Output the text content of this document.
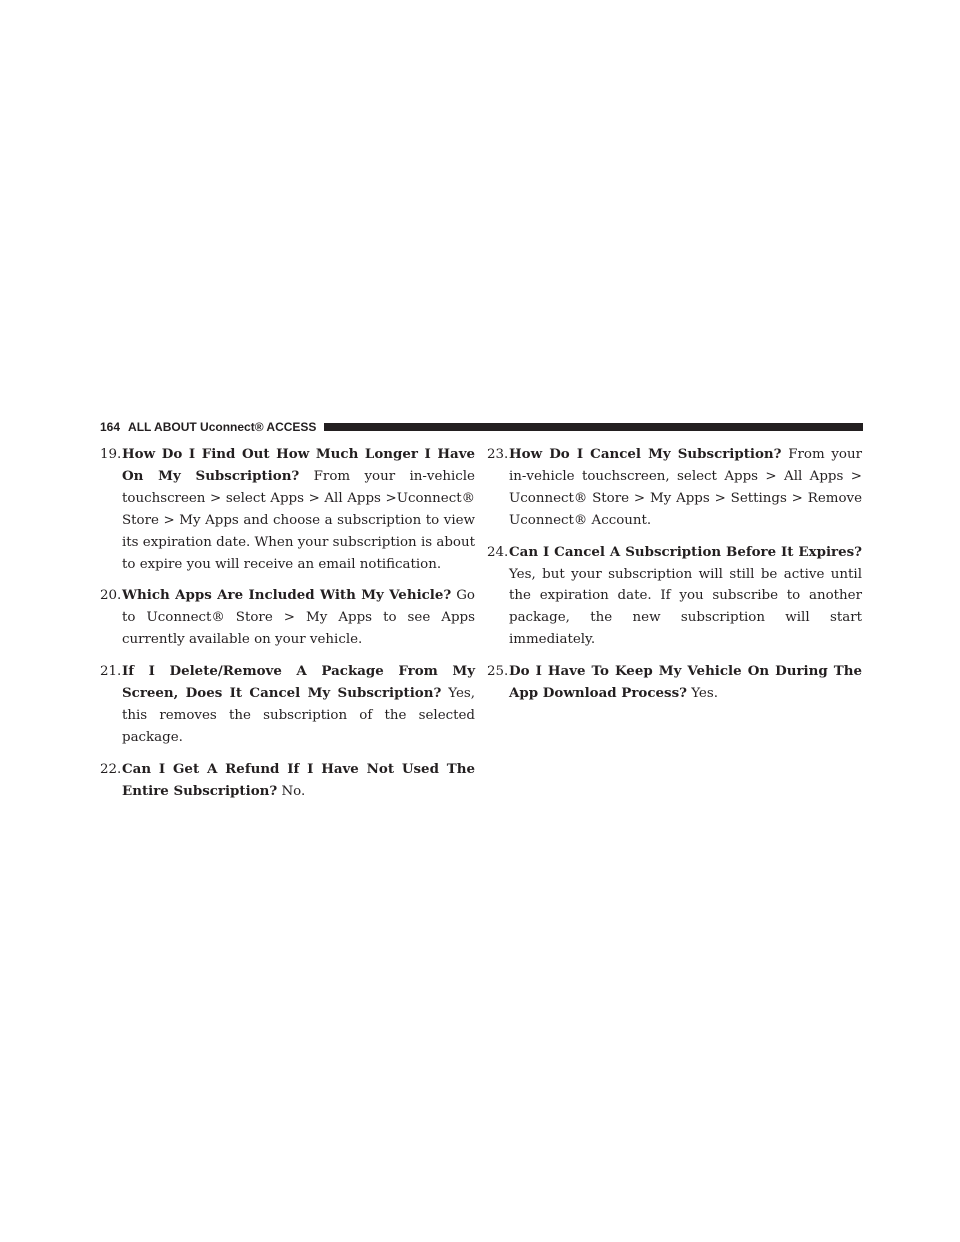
164 ALL ABOUT Uconnect® ACCESS
19. How Do I Find Out How Much Longer I Have On My Subscription? From your in-vehicle touchscreen > select Apps > All Apps >Uconnect® Store > My Apps and choose a subscription to view its expiration date. When your subscription is about to expire you will receive an email notification.
20. Which Apps Are Included With My Vehicle? Go to Uconnect® Store > My Apps to see Apps currently available on your vehicle.
21. If I Delete/Remove A Package From My Screen, Does It Cancel My Subscription? Yes, this removes the subscription of the selected package.
22. Can I Get A Refund If I Have Not Used The Entire Subscription? No.
23. How Do I Cancel My Subscription? From your in-vehicle touchscreen, select Apps > All Apps > Uconnect® Store > My Apps > Settings > Remove Uconnect® Account.
24. Can I Cancel A Subscription Before It Expires? Yes, but your subscription will still be active until the expiration date. If you subscribe to another package, the new subscription will start immediately.
25. Do I Have To Keep My Vehicle On During The App Download Process? Yes.
